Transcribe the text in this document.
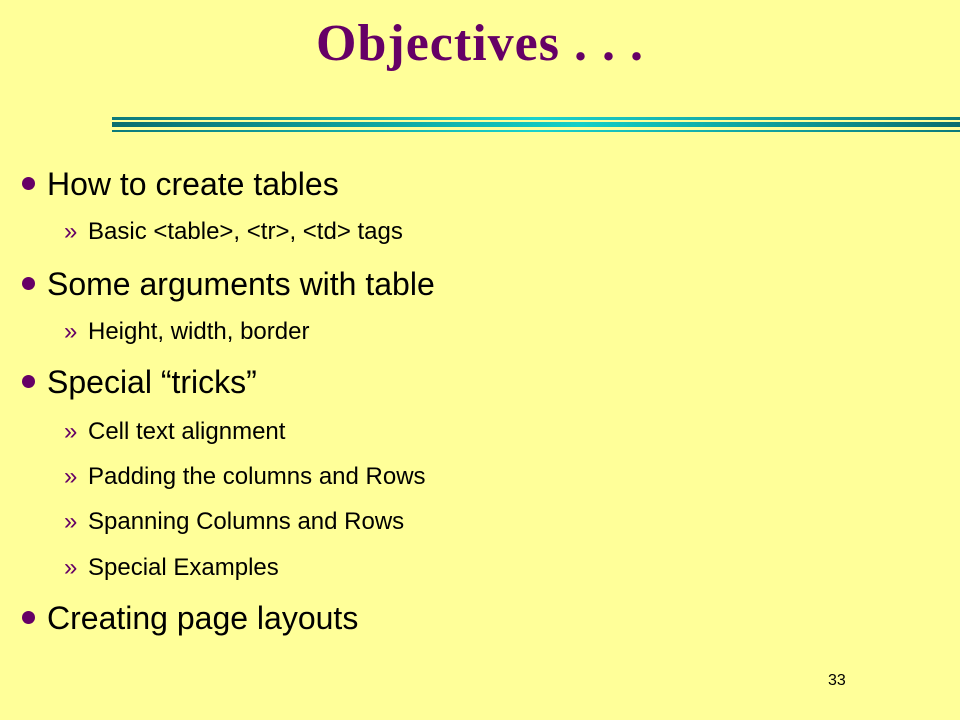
Objectives . . .
How to create tables
» Basic <table>, <tr>, <td> tags
Some arguments with table
» Height, width, border
Special “tricks”
» Cell text alignment
» Padding the columns and Rows
» Spanning Columns and Rows
» Special Examples
Creating page layouts
33
